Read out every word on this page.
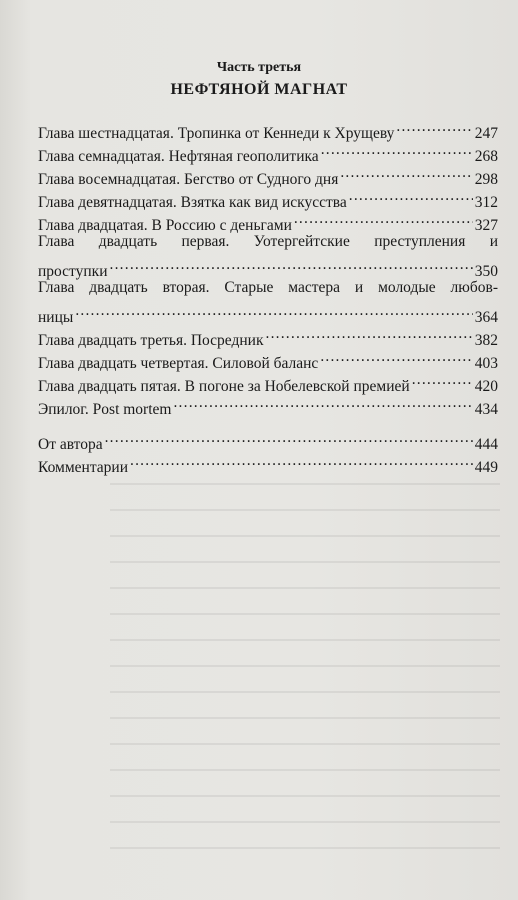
Часть третья
НЕФТЯНОЙ МАГНАТ
Глава шестнадцатая. Тропинка от Кеннеди к Хрущеву .....	247
Глава семнадцатая. Нефтяная геополитика .....	268
Глава восемнадцатая. Бегство от Судного дня .....	298
Глава девятнадцатая. Взятка как вид искусства .....	312
Глава двадцатая. В Россию с деньгами .....	327
Глава двадцать первая. Уотергейтские преступления и
проступки .....	350
Глава двадцать вторая. Старые мастера и молодые любов-
ницы .....	364
Глава двадцать третья. Посредник .....	382
Глава двадцать четвертая. Силовой баланс .....	403
Глава двадцать пятая. В погоне за Нобелевской премией .....	420
Эпилог. Post mortem .....	434
От автора .....	444
Комментарии .....	449
